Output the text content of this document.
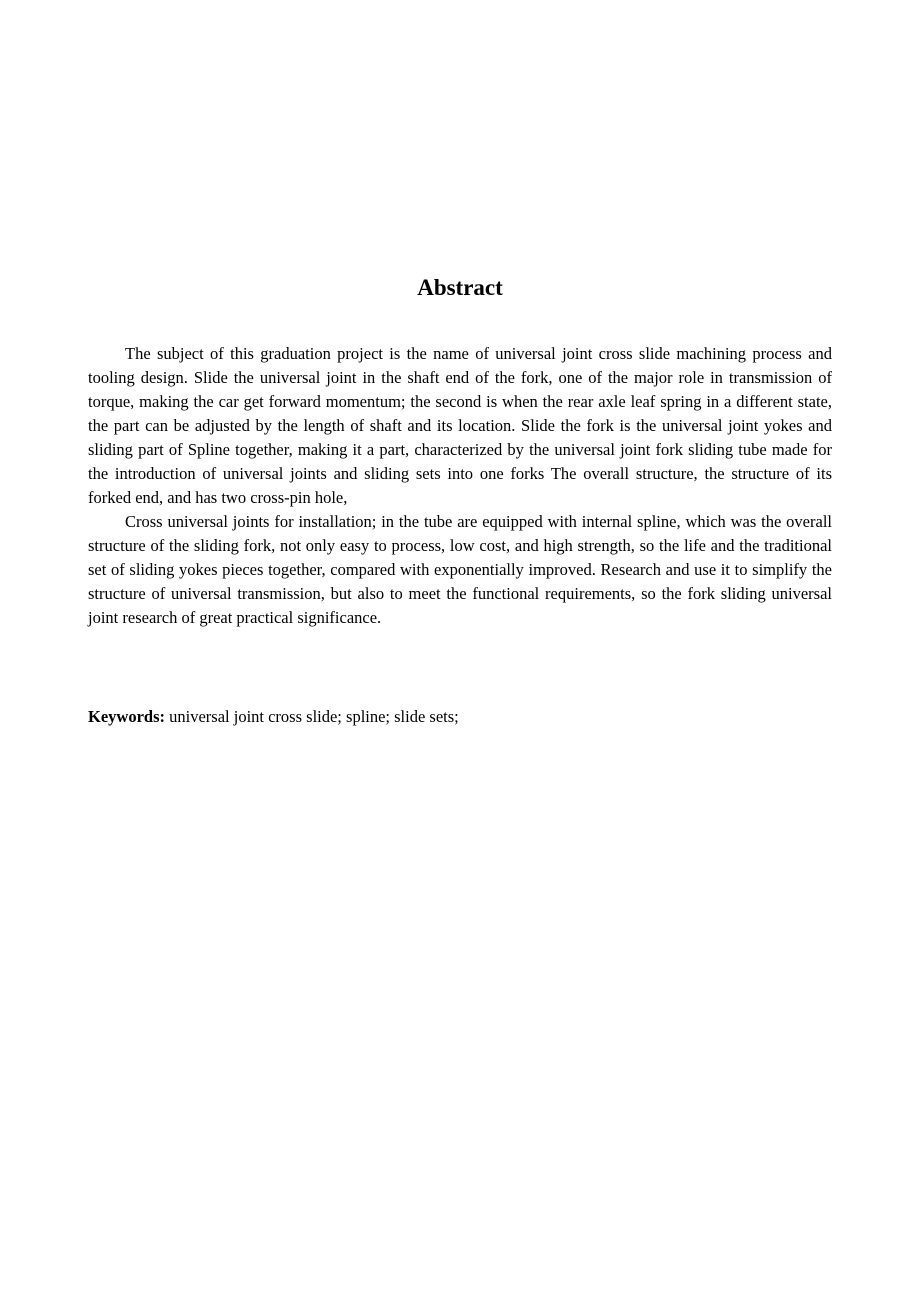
Abstract

The subject of this graduation project is the name of universal joint cross slide machining process and tooling design. Slide the universal joint in the shaft end of the fork, one of the major role in transmission of torque, making the car get forward momentum; the second is when the rear axle leaf spring in a different state, the part can be adjusted by the length of shaft and its location. Slide the fork is the universal joint yokes and sliding part of Spline together, making it a part, characterized by the universal joint fork sliding tube made for the introduction of universal joints and sliding sets into one forks The overall structure, the structure of its forked end, and has two cross-pin hole,

Cross universal joints for installation; in the tube are equipped with internal spline, which was the overall structure of the sliding fork, not only easy to process, low cost, and high strength, so the life and the traditional set of sliding yokes pieces together, compared with exponentially improved. Research and use it to simplify the structure of universal transmission, but also to meet the functional requirements, so the fork sliding universal joint research of great practical significance.

Keywords: universal joint cross slide; spline; slide sets;
